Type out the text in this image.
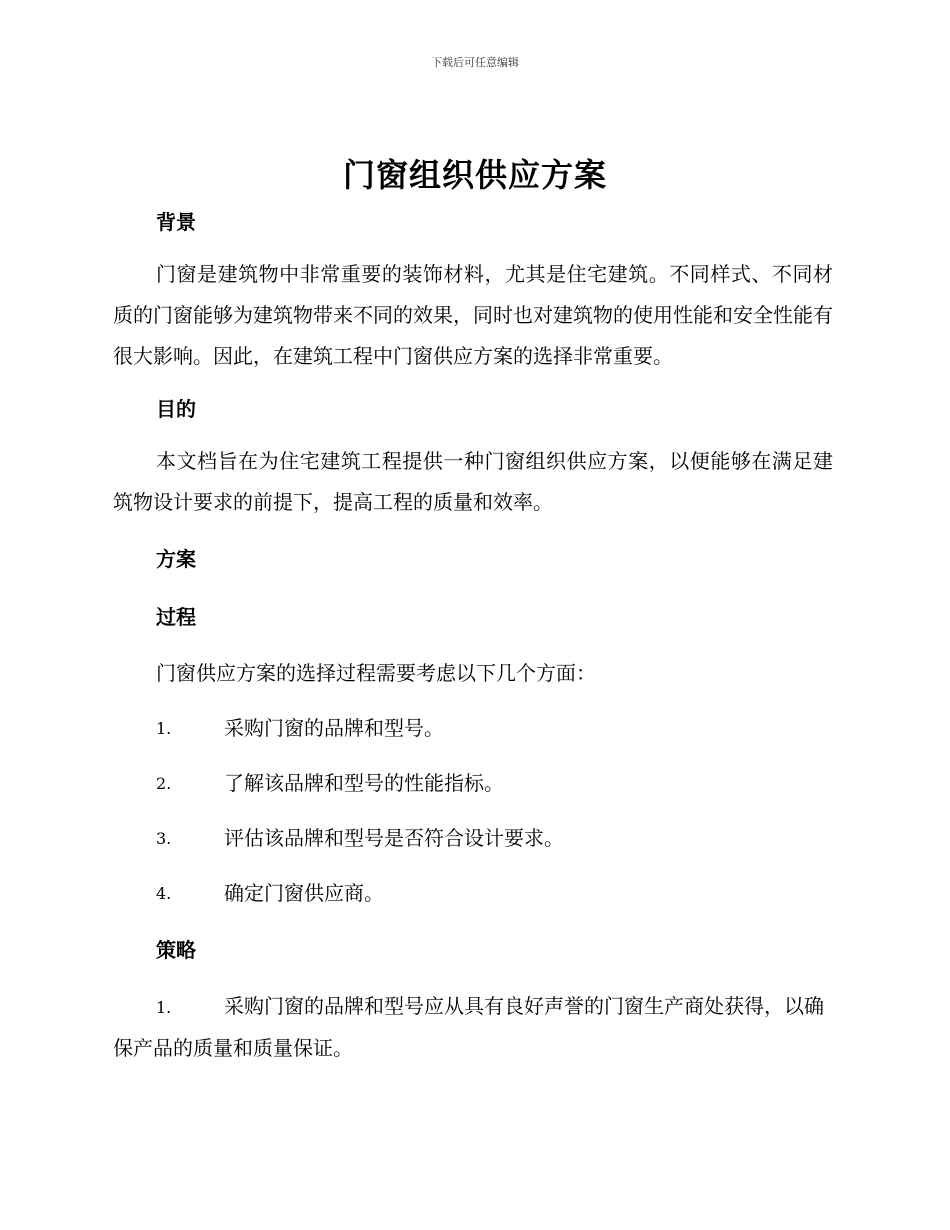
下载后可任意编辑
门窗组织供应方案
背景

门窗是建筑物中非常重要的装饰材料，尤其是住宅建筑。不同样式、不同材质的门窗能够为建筑物带来不同的效果，同时也对建筑物的使用性能和安全性能有很大影响。因此，在建筑工程中门窗供应方案的选择非常重要。

目的

本文档旨在为住宅建筑工程提供一种门窗组织供应方案，以便能够在满足建筑物设计要求的前提下，提高工程的质量和效率。

方案
过程

门窗供应方案的选择过程需要考虑以下几个方面：

1.	采购门窗的品牌和型号。
2.	了解该品牌和型号的性能指标。
3.	评估该品牌和型号是否符合设计要求。
4.	确定门窗供应商。
策略

1.	采购门窗的品牌和型号应从具有良好声誉的门窗生产商处获得，以确保产品的质量和质量保证。
